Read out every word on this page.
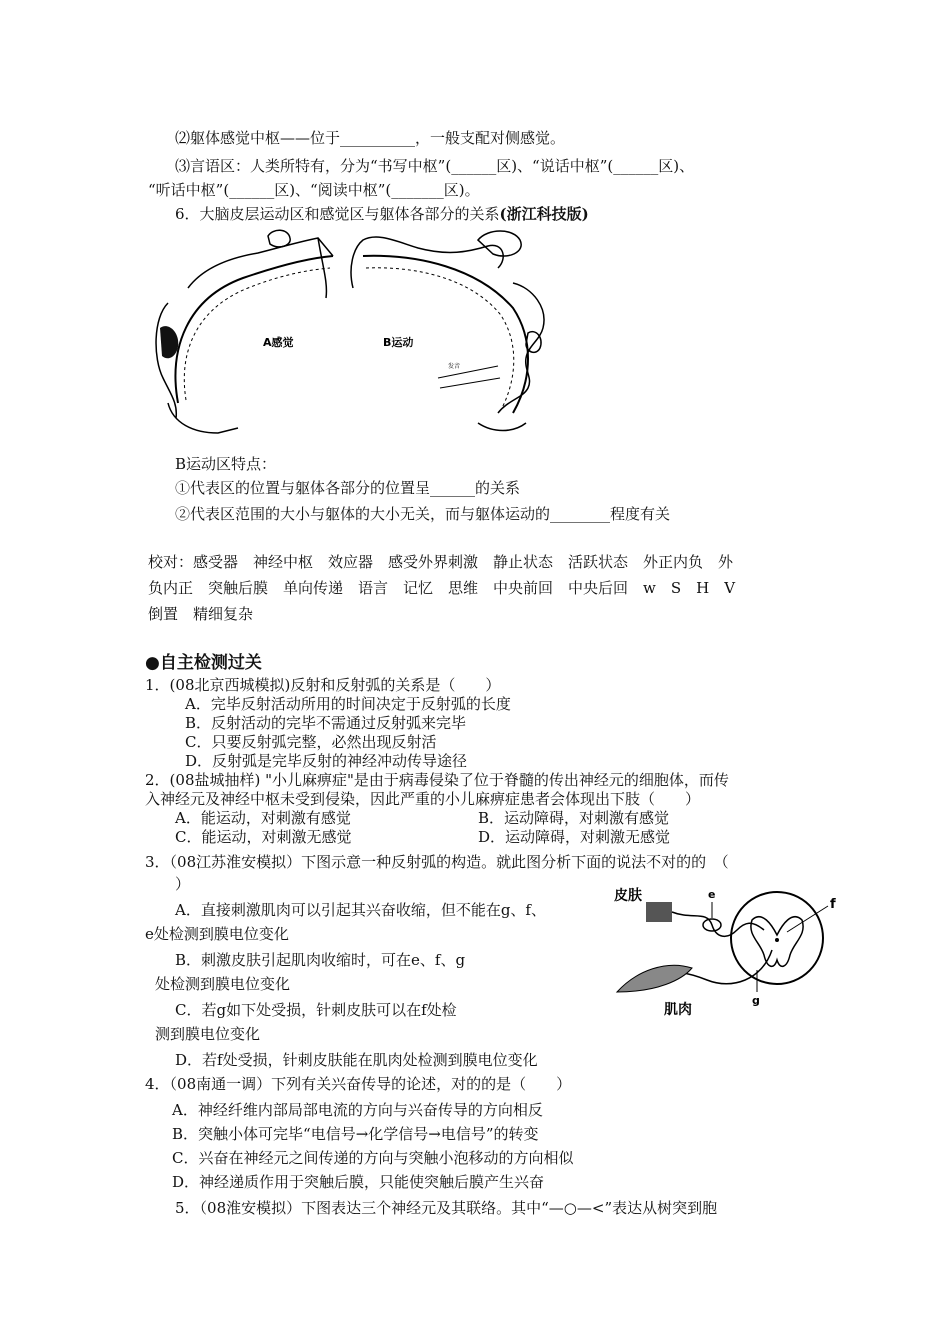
⑵躯体感觉中枢——位于__________，一般支配对侧感觉。
⑶言语区：人类所特有，分为“书写中枢”(______区)、“说话中枢”(______区)、
“听话中枢”(______区)、“阅读中枢”(_______区)。
6．大脑皮层运动区和感觉区与躯体各部分的关系(浙江科技版)
A感觉	B运动
发音
B运动区特点：
①代表区的位置与躯体各部分的位置呈______的关系
②代表区范围的大小与躯体的大小无关，而与躯体运动的________程度有关
校对：感受器　神经中枢　效应器　感受外界刺激　静止状态　活跃状态　外正内负　外
负内正　突触后膜　单向传递　语言　记忆　思维　中央前回　中央后回　w　S　H　V
倒置　精细复杂
●自主检测过关
1．(08北京西城模拟)反射和反射弧的关系是（　　）
A．完毕反射活动所用的时间决定于反射弧的长度
B．反射活动的完毕不需通过反射弧来完毕
C．只要反射弧完整，必然出现反射活
D．反射弧是完毕反射的神经冲动传导途径
2．(08盐城抽样) "小儿麻痹症"是由于病毒侵染了位于脊髓的传出神经元的细胞体，而传
入神经元及神经中枢未受到侵染，因此严重的小儿麻痹症患者会体现出下肢（　　）
A．能运动，对刺激有感觉	B．运动障碍，对刺激有感觉
C．能运动，对刺激无感觉	D．运动障碍，对刺激无感觉
3．（08江苏淮安模拟）下图示意一种反射弧的构造。就此图分析下面的说法不对的的　（
）
A．直接刺激肌肉可以引起其兴奋收缩，但不能在g、f、
e处检测到膜电位变化
B．刺激皮肤引起肌肉收缩时，可在e、f、g
处检测到膜电位变化
C．若g如下处受损，针刺皮肤可以在f处检
测到膜电位变化
D．若f处受损，针刺皮肤能在肌肉处检测到膜电位变化
皮肤	e
f
g
肌肉
4．（08南通一调）下列有关兴奋传导的论述，对的的是（　　）
A．神经纤维内部局部电流的方向与兴奋传导的方向相反
B．突触小体可完毕“电信号→化学信号→电信号”的转变
C．兴奋在神经元之间传递的方向与突触小泡移动的方向相似
D．神经递质作用于突触后膜，只能使突触后膜产生兴奋
5．（08淮安模拟）下图表达三个神经元及其联络。其中“—○—<”表达从树突到胞
